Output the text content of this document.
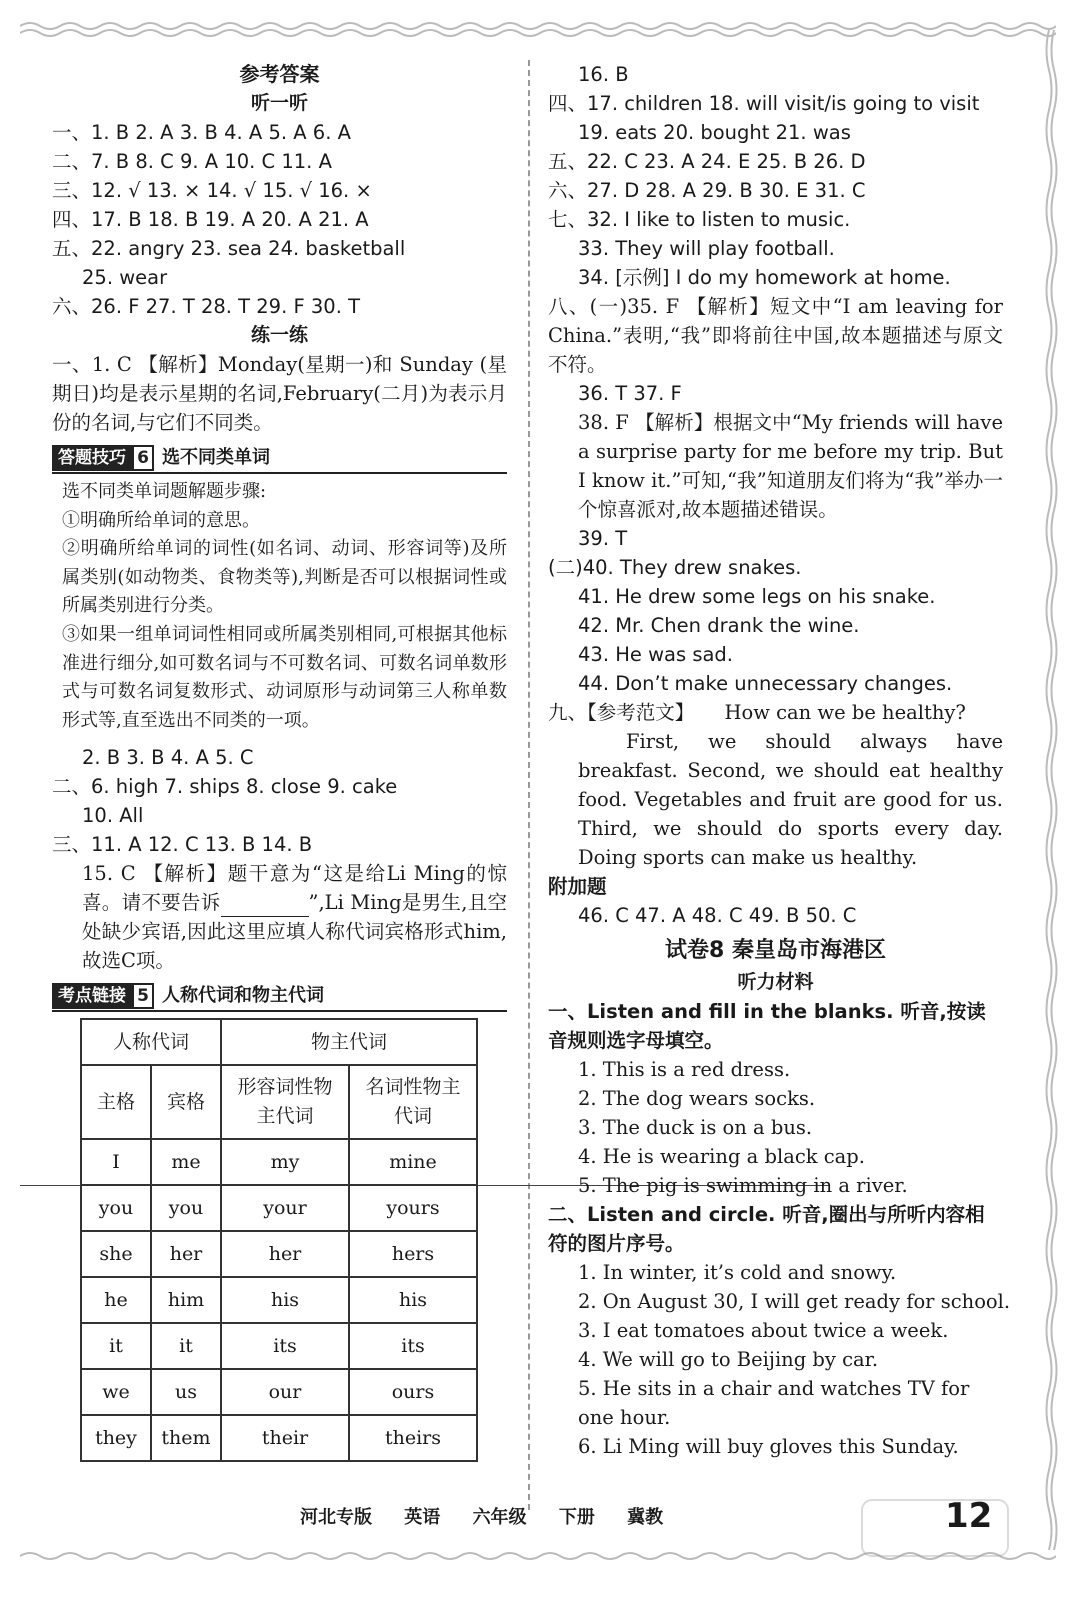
参考答案
听一听
一、1. B 2. A 3. B 4. A 5. A 6. A
二、7. B 8. C 9. A 10. C 11. A
三、12. √ 13. × 14. √ 15. √ 16. ×
四、17. B 18. B 19. A 20. A 21. A
五、22. angry 23. sea 24. basketball
25. wear
六、26. F 27. T 28. T 29. F 30. T
练一练
一、1. C 【解析】Monday(星期一)和 Sunday (星期日)均是表示星期的名词,February(二月)为表示月份的名词,与它们不同类。
答题技巧 6 选不同类单词
选不同类单词题解题步骤:
①明确所给单词的意思。
②明确所给单词的词性(如名词、动词、形容词等)及所属类别(如动物类、食物类等),判断是否可以根据词性或所属类别进行分类。
③如果一组单词词性相同或所属类别相同,可根据其他标准进行细分,如可数名词与不可数名词、可数名词单数形式与可数名词复数形式、动词原形与动词第三人称单数形式等,直至选出不同类的一项。
2. B 3. B 4. A 5. C
二、6. high 7. ships 8. close 9. cake
10. All
三、11. A 12. C 13. B 14. B
15. C 【解析】题干意为“这是给Li Ming的惊喜。请不要告诉	”,Li Ming是男生,且空处缺少宾语,因此这里应填人称代词宾格形式him,故选C项。
考点链接 5 人称代词和物主代词
人称代词		物主代词	
主格	宾格	形容词性物主代词	名词性物主代词
I	me	my	mine
you	you	your	yours
she	her	her	hers
he	him	his	his
it	it	its	its
we	us	our	ours
they	them	their	theirs
16. B
四、17. children 18. will visit/is going to visit
19. eats 20. bought 21. was
五、22. C 23. A 24. E 25. B 26. D
六、27. D 28. A 29. B 30. E 31. C
七、32. I like to listen to music.
33. They will play football.
34. [示例] I do my homework at home.
八、(一)35. F 【解析】短文中“I am leaving for China.”表明,“我”即将前往中国,故本题描述与原文不符。
36. T 37. F
38. F 【解析】根据文中“My friends will have a surprise party for me before my trip. But I know it.”可知,“我”知道朋友们将为“我”举办一个惊喜派对,故本题描述错误。
39. T
(二)40. They drew snakes.
41. He drew some legs on his snake.
42. Mr. Chen drank the wine.
43. He was sad.
44. Don’t make unnecessary changes.
九、【参考范文】 How can we be healthy?
First, we should always have breakfast. Second, we should eat healthy food. Vegetables and fruit are good for us. Third, we should do sports every day. Doing sports can make us healthy.
附加题
46. C 47. A 48. C 49. B 50. C
试卷8 秦皇岛市海港区
听力材料
一、Listen and fill in the blanks. 听音,按读音规则选字母填空。
1. This is a red dress.
2. The dog wears socks.
3. The duck is on a bus.
4. He is wearing a black cap.
5. The pig is swimming in a river.
二、Listen and circle. 听音,圈出与所听内容相符的图片序号。
1. In winter, it’s cold and snowy.
2. On August 30, I will get ready for school.
3. I eat tomatoes about twice a week.
4. We will go to Beijing by car.
5. He sits in a chair and watches TV for one hour.
6. Li Ming will buy gloves this Sunday.
河北专版 英语 六年级 下册 冀教	12
